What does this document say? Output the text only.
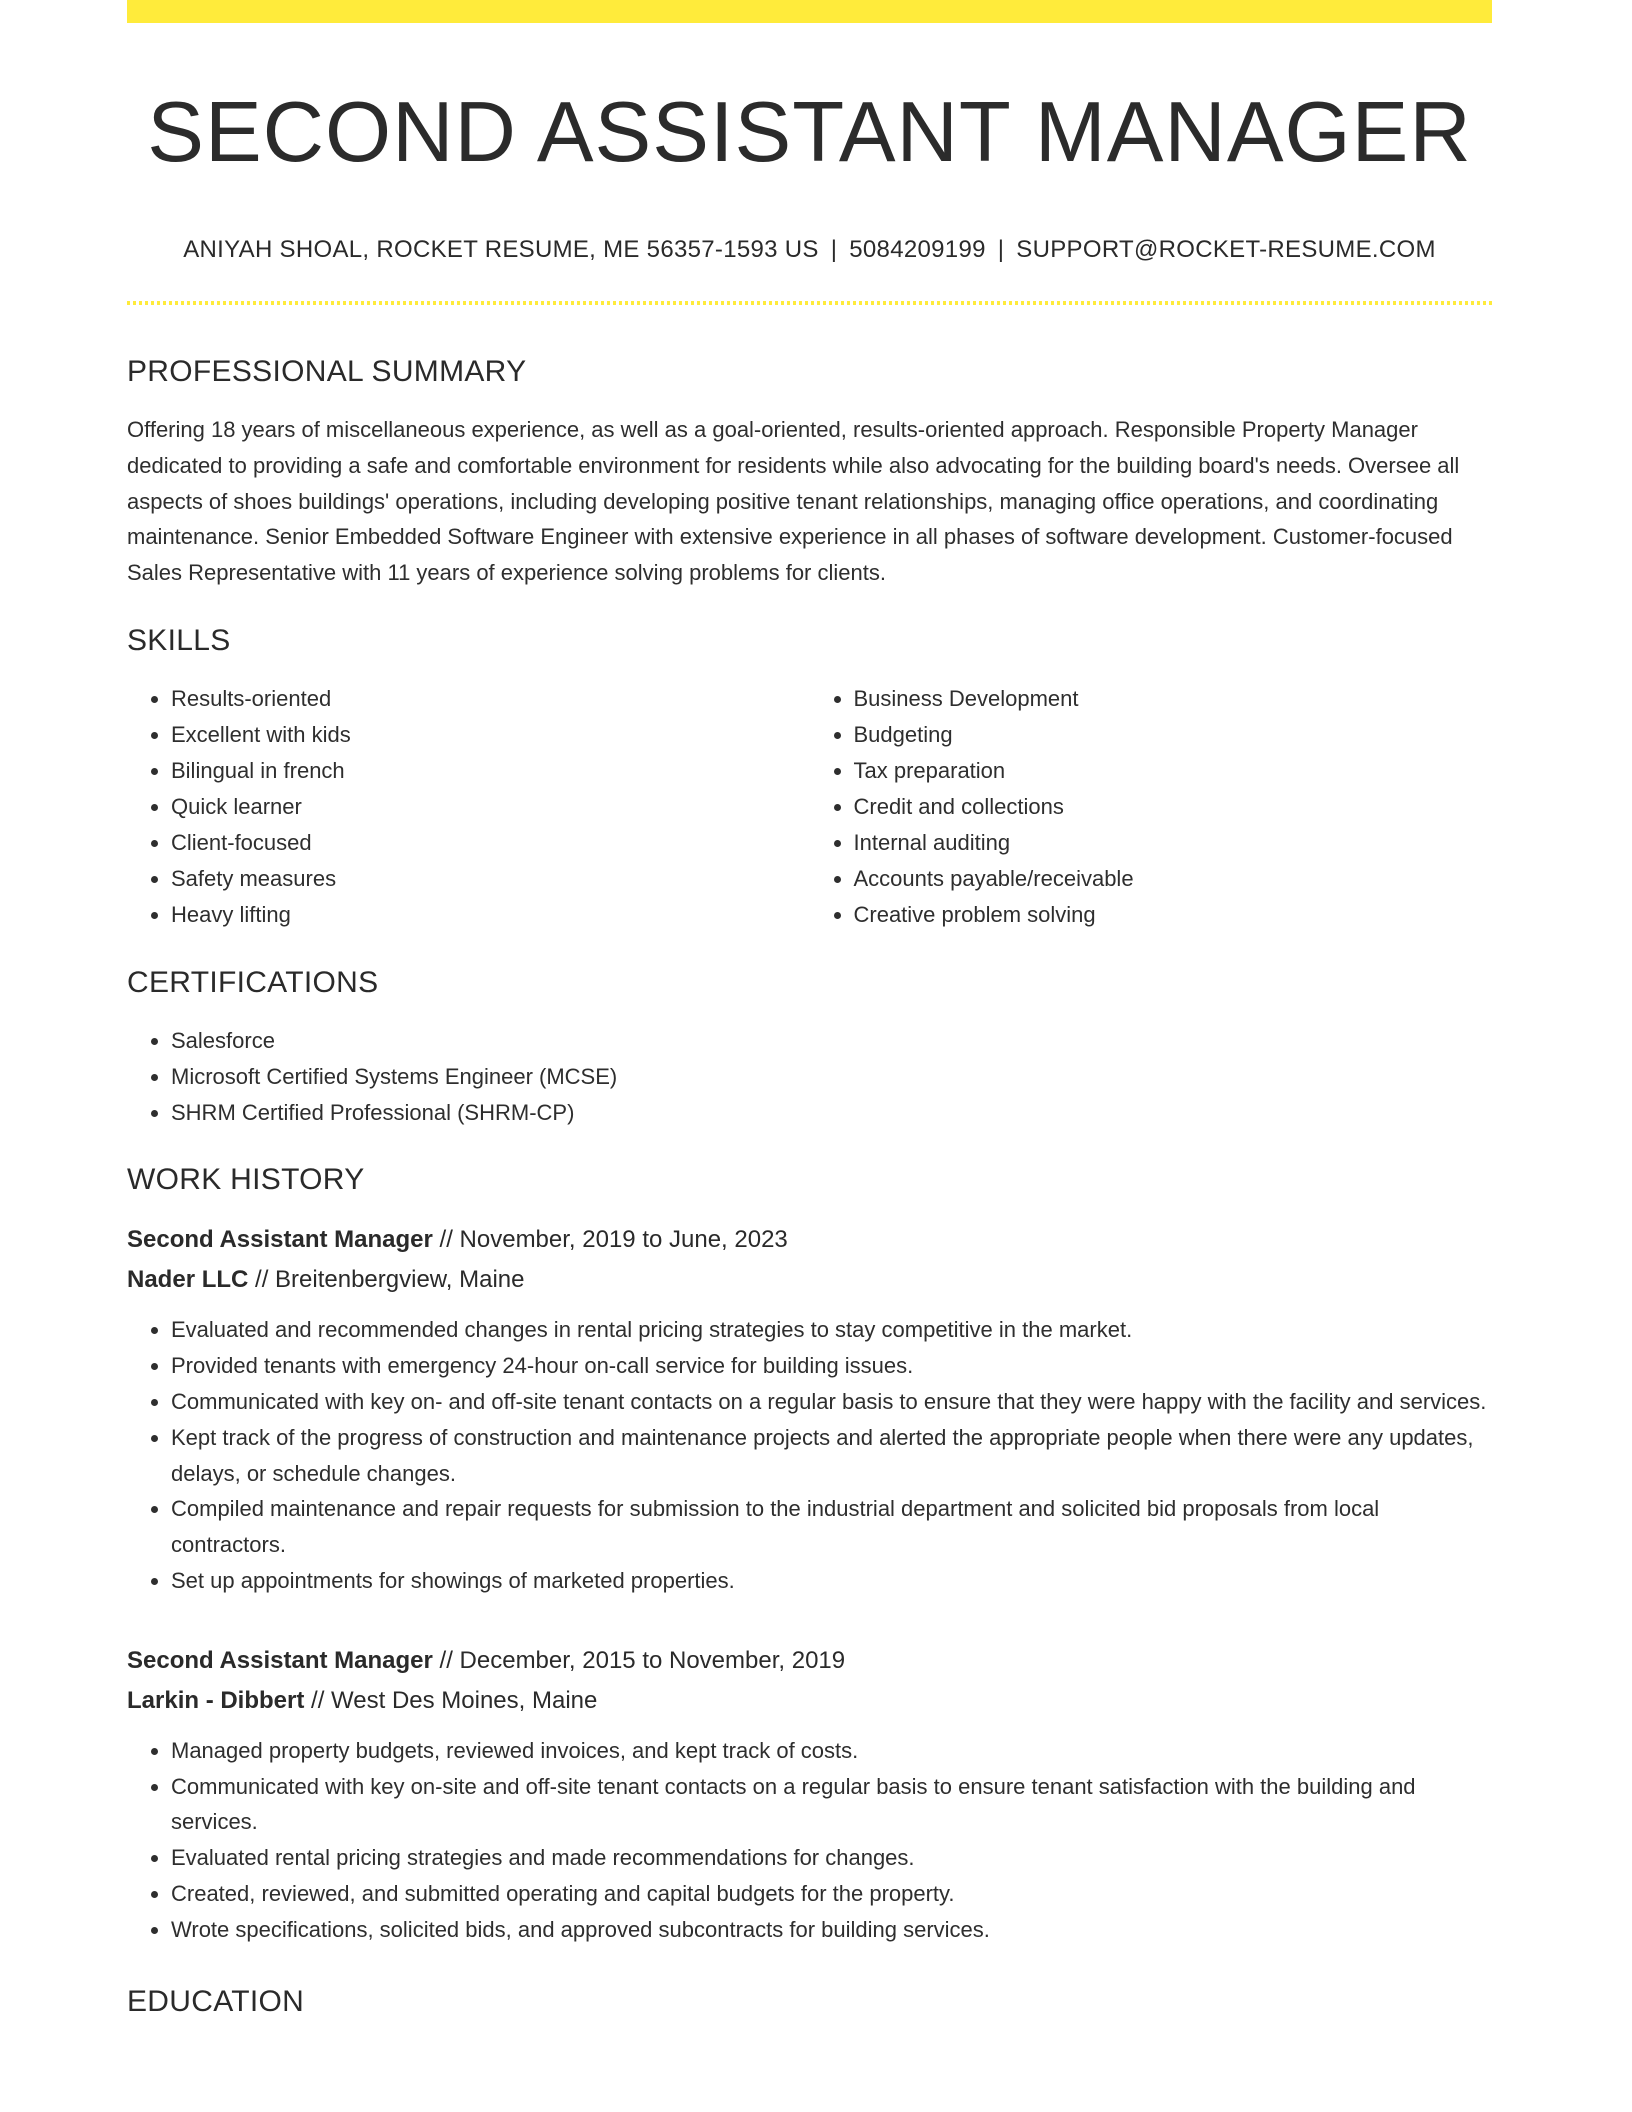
SECOND ASSISTANT MANAGER
ANIYAH SHOAL, ROCKET RESUME, ME 56357-1593 US | 5084209199 | SUPPORT@ROCKET-RESUME.COM
PROFESSIONAL SUMMARY

Offering 18 years of miscellaneous experience, as well as a goal-oriented, results-oriented approach. Responsible Property Manager dedicated to providing a safe and comfortable environment for residents while also advocating for the building board's needs. Oversee all aspects of shoes buildings' operations, including developing positive tenant relationships, managing office operations, and coordinating maintenance. Senior Embedded Software Engineer with extensive experience in all phases of software development. Customer-focused Sales Representative with 11 years of experience solving problems for clients.

SKILLS
• Results-oriented
• Excellent with kids
• Bilingual in french
• Quick learner
• Client-focused
• Safety measures
• Heavy lifting
• Business Development
• Budgeting
• Tax preparation
• Credit and collections
• Internal auditing
• Accounts payable/receivable
• Creative problem solving
CERTIFICATIONS
• Salesforce
• Microsoft Certified Systems Engineer (MCSE)
• SHRM Certified Professional (SHRM-CP)
WORK HISTORY
Second Assistant Manager // November, 2019 to June, 2023
Nader LLC // Breitenbergview, Maine
• Evaluated and recommended changes in rental pricing strategies to stay competitive in the market.
• Provided tenants with emergency 24-hour on-call service for building issues.
• Communicated with key on- and off-site tenant contacts on a regular basis to ensure that they were happy with the facility and services.
• Kept track of the progress of construction and maintenance projects and alerted the appropriate people when there were any updates, delays, or schedule changes.
• Compiled maintenance and repair requests for submission to the industrial department and solicited bid proposals from local contractors.
• Set up appointments for showings of marketed properties.
Second Assistant Manager // December, 2015 to November, 2019
Larkin - Dibbert // West Des Moines, Maine
• Managed property budgets, reviewed invoices, and kept track of costs.
• Communicated with key on-site and off-site tenant contacts on a regular basis to ensure tenant satisfaction with the building and services.
• Evaluated rental pricing strategies and made recommendations for changes.
• Created, reviewed, and submitted operating and capital budgets for the property.
• Wrote specifications, solicited bids, and approved subcontracts for building services.
EDUCATION
